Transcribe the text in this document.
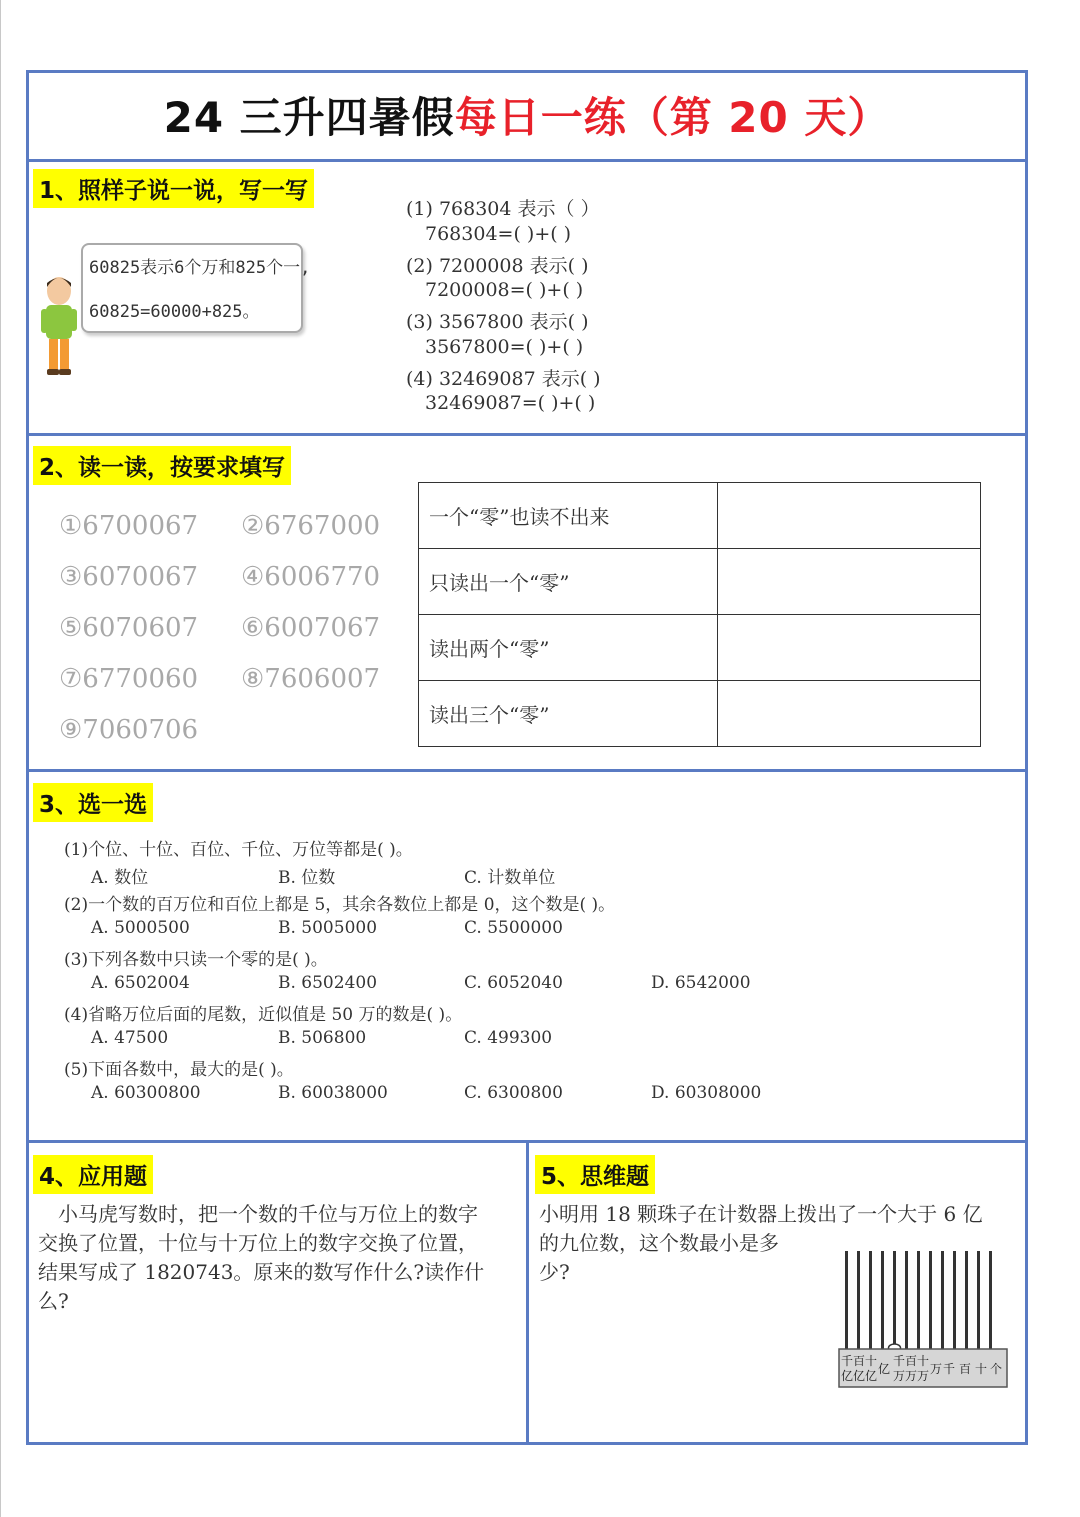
24 三升四暑假每日一练（第 20 天）
1、照样子说一说，写一写
60825表示6个万和825个一,
60825=60000+825。
(1) 768304 表示（ ）
768304=( )+( )
(2) 7200008 表示( )
7200008=( )+( )
(3) 3567800 表示( )
3567800=( )+( )
(4) 32469087 表示( )
32469087=( )+( )
2、读一读，按要求填写
①6700067 ②6767000
③6070067 ④6006770
⑤6070607 ⑥6007067
⑦6770060 ⑧7606007
⑨7060706
一个“零”也读不出来	
只读出一个“零”	
读出两个“零”	
读出三个“零”	
3、选一选
(1)个位、十位、百位、千位、万位等都是( )。
A. 数位	B. 位数	C. 计数单位
(2)一个数的百万位和百位上都是 5，其余各数位上都是 0，这个数是( )。
A. 5000500	B. 5005000	C. 5500000
(3)下列各数中只读一个零的是( )。
A. 6502004	B. 6502400	C. 6052040	D. 6542000
(4)省略万位后面的尾数，近似值是 50 万的数是( )。
A. 47500	B. 506800	C. 499300
(5)下面各数中，最大的是( )。
A. 60300800	B. 60038000	C. 6300800	D. 60308000
4、应用题
　小马虎写数时，把一个数的千位与万位上的数字
交换了位置，十位与十万位上的数字交换了位置，
结果写成了 1820743。原来的数写作什么?读作什
么?
5、思维题
小明用 18 颗珠子在计数器上拨出了一个大于 6 亿
的九位数，这个数最小是多
少?
千 百 十
亿 亿 亿 亿
千 百 十
万 万 万 万 千 百 十 个
